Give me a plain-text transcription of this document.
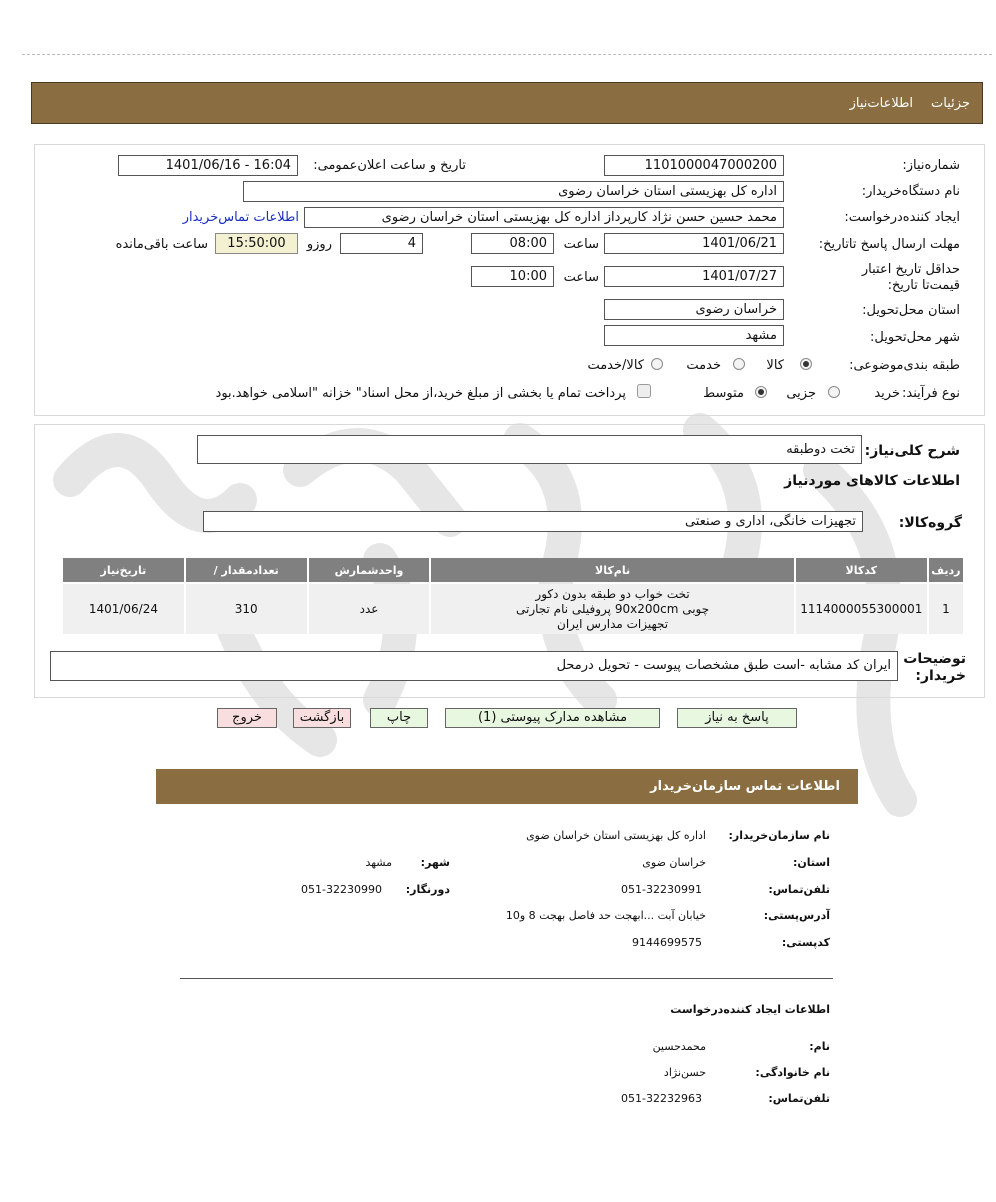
جزئیات
اطلاعات‌نیاز
شماره‌نیاز:
1101000047000200
تاریخ و ساعت اعلان‌عمومی:
1401/06/16 - 16:04
نام دستگاه‌خریدار:
اداره کل بهزیستی استان خراسان رضوی
ایجاد کننده‌درخواست:
محمد حسین حسن نژاد کارپرداز اداره کل بهزیستی استان خراسان رضوی
اطلاعات تماس‌خریدار
مهلت ارسال پاسخ تا‌تاریخ:
1401/06/21
ساعت
08:00
4
روزو
15:50:00
ساعت باقی‌مانده
حداقل تاریخ اعتبار قیمت‌تا تاریخ:
1401/07/27
ساعت
10:00
استان محل‌تحویل:
خراسان رضوی
شهر محل‌تحویل:
مشهد
طبقه بندی‌موضوعی:
کالا
خدمت
کالا/خدمت
نوع فرآیند:
خرید
جزیی
متوسط
پرداخت تمام یا بخشی از مبلغ خرید،از محل اسناد" خزانه "اسلامی خواهد.بود
شرح کلی‌نیاز:
تخت دوطبقه
اطلاعات کالاهای موردنیاز
گروه‌کالا:
تجهیزات خانگی، اداری و صنعتی
ردیف	کدکالا	نام‌کالا	واحدشمارش	تعدادمقدار /	تاریخ‌نیاز
1	1114000055300001	تخت خواب دو طبقه بدون دکور
چوبی 90x200cm پروفیلی نام تجارتی
تجهیزات مدارس ایران	عدد	310	1401/06/24
توضیحات
خریدار:
ایران کد مشابه -است طبق مشخصات پیوست - تحویل درمحل
پاسخ به نیاز
مشاهده مدارک پیوستی (1)
چاپ
بازگشت
خروج
اطلاعات تماس سازمان‌خریدار
نام سازمان‌خریدار:
اداره کل بهزیستی استان خراسان ضوی
استان:
خراسان ضوی
شهر:
مشهد
تلفن‌تماس:
051-32230991
دورنگار:
051-32230990
آدرس‌پستی:
خیابان آبت ...ابهجت حد فاصل بهجت 8 و10
کد‌پستی:
9144699575
اطلاعات ایجاد کننده‌درخواست
نام:
محمدحسین
نام خانوادگی:
حسن‌نژاد
تلفن‌تماس:
051-32232963
